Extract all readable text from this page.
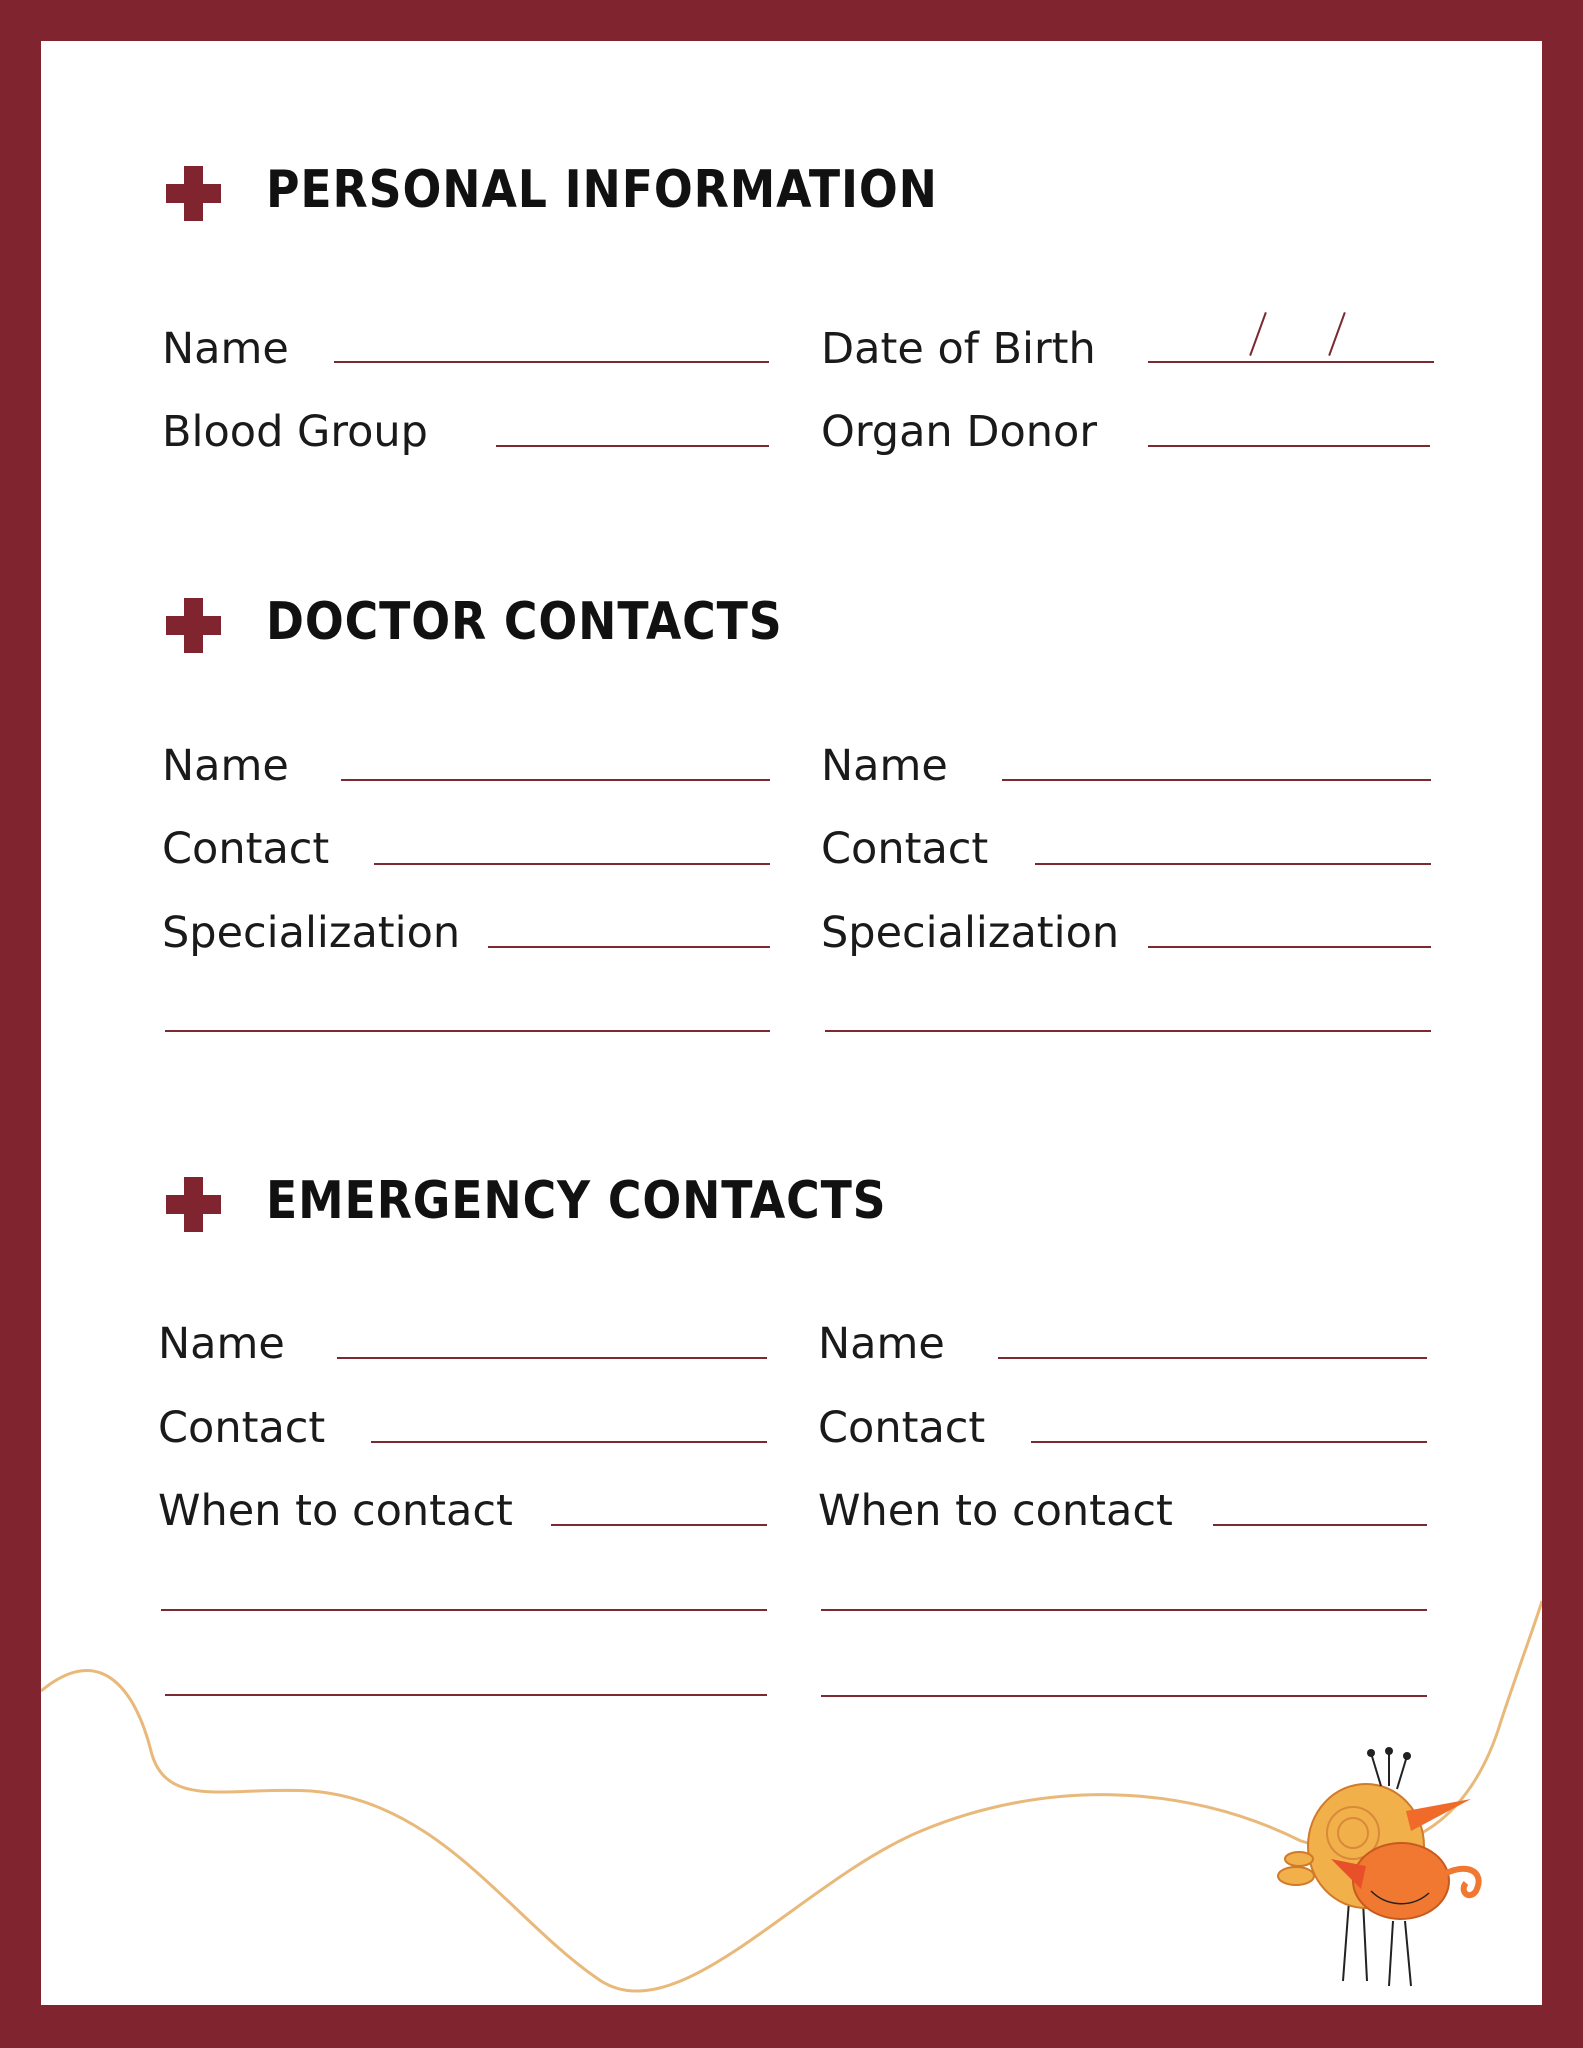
PERSONAL INFORMATION
Name	Date of Birth
Blood Group	Organ Donor
DOCTOR CONTACTS
Name
Contact
Specialization
Name
Contact
Specialization
EMERGENCY CONTACTS
Name
Contact
When to contact
Name
Contact
When to contact
